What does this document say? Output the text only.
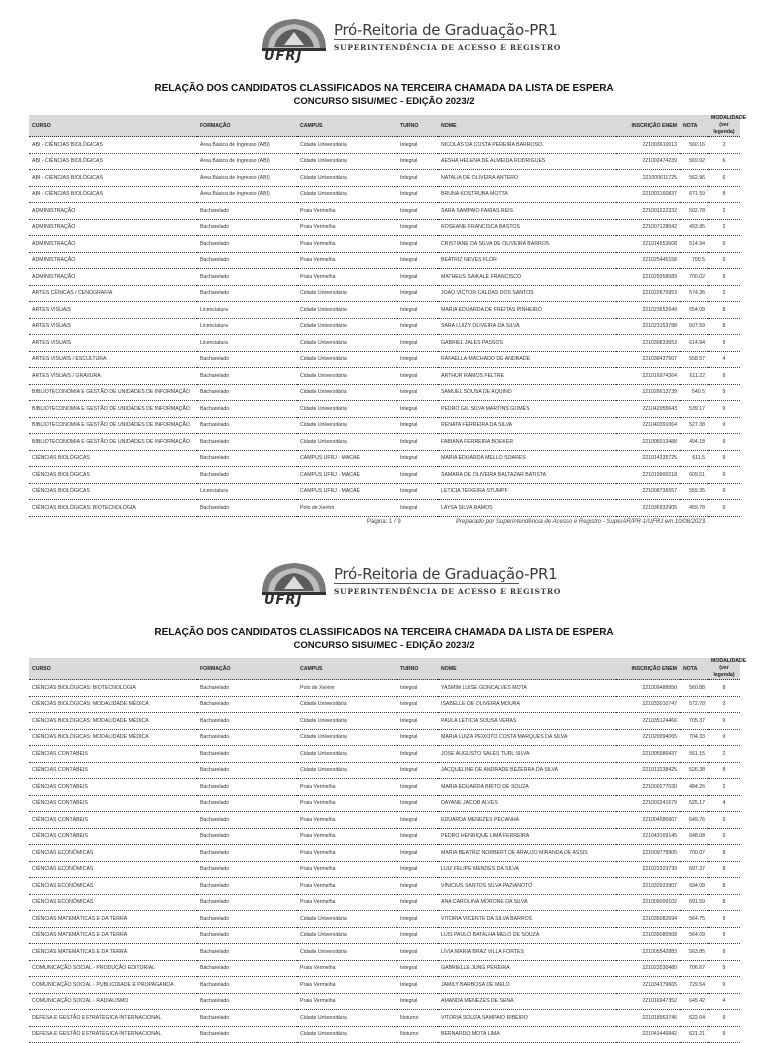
UFRJ
Pró-Reitoria de Graduação-PR1
SUPERINTENDÊNCIA DE ACESSO E REGISTRO
RELAÇÃO DOS CANDIDATOS CLASSIFICADOS NA TERCEIRA CHAMADA DA LISTA DE ESPERA
CONCURSO SISU/MEC - EDIÇÃO 2023/2
CURSO	FORMAÇÃO	CAMPUS	TURNO	NOME	INSCRIÇÃO ENEM	NOTA	MODALIDADE (ver legenda)
ABI - CIÊNCIAS BIOLÓGICAS	Área Básica de Ingresso (ABI)	Cidade Universitária	Integral	NICOLAS DA COSTA PEREIRA BARROSO	221003610013	560.16	2
ABI - CIÊNCIAS BIOLÓGICAS	Área Básica de Ingresso (ABI)	Cidade Universitária	Integral	AESHA HELENA DE ALMEIDA RODRIGUES	221002474239	569.92	6
ABI - CIÊNCIAS BIOLÓGICAS	Área Básica de Ingresso (ABI)	Cidade Universitária	Integral	NATALIA DE OLIVEIRA ANTERO	221000611725	562.96	6
ABI - CIÊNCIAS BIOLÓGICAS	Área Básica de Ingresso (ABI)	Cidade Universitária	Integral	BRUNA KOSTRUBA MOTTA	221003160837	671.59	8
ADMINISTRAÇÃO	Bacharelado	Praia Vermelha	Integral	SARA SAMPAIO FARIAS REIS	221001222332	502.78	2
ADMINISTRAÇÃO	Bacharelado	Praia Vermelha	Integral	ROSEANE FRANCISCA BASTOS	221007128042	493.95	2
ADMINISTRAÇÃO	Bacharelado	Praia Vermelha	Integral	CRISTIANE DA SILVA DE OLIVEIRA BARROS	221014553608	514.94	6
ADMINISTRAÇÃO	Bacharelado	Praia Vermelha	Integral	BEATRIZ NEVES FLOR	221025445158	700.5	9
ADMINISTRAÇÃO	Bacharelado	Praia Vermelha	Integral	MATHEUS SAIKALE FRANCISCO	221029358589	700.02	9
ARTES CÊNICAS / CENOGRAFIA	Bacharelado	Cidade Universitária	Integral	JOAO VICTOR CALDAS DOS SANTOS	221022676953	574.36	2
ARTES VISUAIS	Licenciatura	Cidade Universitária	Integral	MARIA EDUARDA DE FREITAS PINHEIRO	221023652649	554.08	8
ARTES VISUAIS	Licenciatura	Cidade Universitária	Integral	SARA LUIZY OLIVEIRA DA SILVA	221023153788	507.59	8
ARTES VISUAIS	Licenciatura	Cidade Universitária	Integral	GABRIEL JALES PASSOS	221030833653	614.94	9
ARTES VISUAIS / ESCULTURA	Bacharelado	Cidade Universitária	Integral	RAFAELLA MACHADO DE ANDRADE	221038437507	558.57	4
ARTES VISUAIS / GRAVURA	Bacharelado	Cidade Universitária	Integral	ARTHUR RAMOS FELTRE	221016974364	611.22	9
BIBLIOTECONOMIA E GESTÃO DE UNIDADES DE INFORMAÇÃO	Bacharelado	Cidade Universitária	Integral	SAMUEL SOUSA DE AQUINO	221026613739	540.5	9
BIBLIOTECONOMIA E GESTÃO DE UNIDADES DE INFORMAÇÃO	Bacharelado	Cidade Universitária	Integral	PEDRO GIL SILVA MARTINS GOMES	221042955643	539.17	9
BIBLIOTECONOMIA E GESTÃO DE UNIDADES DE INFORMAÇÃO	Bacharelado	Cidade Universitária	Integral	RENATA FERREIRA DA SILVA	221040391064	527.38	9
BIBLIOTECONOMIA E GESTÃO DE UNIDADES DE INFORMAÇÃO	Bacharelado	Cidade Universitária	Integral	FABIANA FERREIRA BOEKER	221006013488	494.18	9
CIÊNCIAS BIOLÓGICAS	Bacharelado	CAMPUS UFRJ - MACAÉ	Integral	MARIA EDUARDA MELLO SOARES	221014335725	611.5	9
CIÊNCIAS BIOLÓGICAS	Bacharelado	CAMPUS UFRJ - MACAÉ	Integral	SAMARA DE OLIVEIRA BALTAZAR BATISTA	221019900218	609.51	9
CIÊNCIAS BIOLÓGICAS	Licenciatura	CAMPUS UFRJ - MACAÉ	Integral	LETICIA TEIXEIRA STUMPF	221008736557	559.35	9
CIÊNCIAS BIOLÓGICAS: BIOTECNOLOGIA	Bacharelado	Polo de Xerém	Integral	LAYSA SILVA RAMOS	221036932905	459.78	6
Página: 1 / 9	Preparado por Superintendência de Acesso e Registro - SuperAR/PR-1/UFRJ em 10/08/2023.
UFRJ
Pró-Reitoria de Graduação-PR1
SUPERINTENDÊNCIA DE ACESSO E REGISTRO
RELAÇÃO DOS CANDIDATOS CLASSIFICADOS NA TERCEIRA CHAMADA DA LISTA DE ESPERA
CONCURSO SISU/MEC - EDIÇÃO 2023/2
CURSO	FORMAÇÃO	CAMPUS	TURNO	NOME	INSCRIÇÃO ENEM	NOTA	MODALIDADE (ver legenda)
CIÊNCIAS BIOLÓGICAS: BIOTECNOLOGIA	Bacharelado	Polo de Xerém	Integral	YASMIM LUISE GONCALVES MOTA	221009488950	560.88	8
CIÊNCIAS BIOLÓGICAS: MODALIDADE MÉDICA	Bacharelado	Cidade Universitária	Integral	ISABELLE DE OLIVEIRA MOURA	221033010747	572.78	2
CIÊNCIAS BIOLÓGICAS: MODALIDADE MÉDICA	Bacharelado	Cidade Universitária	Integral	PAULA LETICIA SOUSA VERAS	221035124466	705.37	9
CIÊNCIAS BIOLÓGICAS: MODALIDADE MÉDICA	Bacharelado	Cidade Universitária	Integral	MARIA LUIZA PEIXOTO COSTA MARQUES DA SILVA	221020094065	704.33	9
CIÊNCIAS CONTÁBEIS	Bacharelado	Cidade Universitária	Integral	JOSE AUGUSTO SALES TURL SILVA	221005986437	561.15	2
CIÊNCIAS CONTÁBEIS	Bacharelado	Cidade Universitária	Integral	JACQUELINE DE ANDRADE BEZERRA DA SILVA	221013238425	526.38	8
CIÊNCIAS CONTÁBEIS	Bacharelado	Praia Vermelha	Integral	MARIA EDUARDA BRITO DE SOUZA	221000277030	484.26	2
CIÊNCIAS CONTÁBEIS	Bacharelado	Praia Vermelha	Integral	DAYANE JACOB ALVES	221002241679	525.17	4
CIÊNCIAS CONTÁBEIS	Bacharelado	Praia Vermelha	Integral	EDUARDA MENEZES PECANHA	221004586907	649.76	9
CIÊNCIAS CONTÁBEIS	Bacharelado	Praia Vermelha	Integral	PEDRO HENRIQUE LIMA FERREIRA	221043169145	648.08	9
CIÊNCIAS ECONÔMICAS	Bacharelado	Praia Vermelha	Integral	MARIA BEATRIZ NORBERT DE ARAUJO MIRANDA DE ASSIS	221009778905	700.07	8
CIÊNCIAS ECONÔMICAS	Bacharelado	Praia Vermelha	Integral	LUIZ FELIPE MENDES DA SILVA	221022323739	697.37	8
CIÊNCIAS ECONÔMICAS	Bacharelado	Praia Vermelha	Integral	VINICIUS SANTOS SILVA PAZIANOTO	221032933907	694.08	8
CIÊNCIAS ECONÔMICAS	Bacharelado	Praia Vermelha	Integral	ANA CAROLINA MORONE DA SILVA	221009000102	691.59	8
CIÊNCIAS MATEMÁTICAS E DA TERRA	Bacharelado	Cidade Universitária	Integral	VITORIA VICENTE DA SILVA BARROS	221035082694	564.75	9
CIÊNCIAS MATEMÁTICAS E DA TERRA	Bacharelado	Cidade Universitária	Integral	LUIS PAULO BATALHA MELO DE SOUZA	221039080508	564.09	9
CIÊNCIAS MATEMÁTICAS E DA TERRA	Bacharelado	Cidade Universitária	Integral	LIVIA MARIA BRAZ VILLA FORTES	221005542883	563.85	9
COMUNICAÇÃO SOCIAL - PRODUÇÃO EDITORIAL	Bacharelado	Praia Vermelha	Integral	GABRIELLE JUNG PEREIRA	221022530480	706.67	9
COMUNICAÇÃO SOCIAL - PUBLICIDADE E PROPAGANDA	Bacharelado	Praia Vermelha	Integral	JAMILY BARBOSA DE MELO	221034179665	729.54	9
COMUNICAÇÃO SOCIAL - RADIALISMO	Bacharelado	Praia Vermelha	Integral	AMANDA MENEZES DE SENA	221016947352	645.42	4
DEFESA E GESTÃO ESTRATÉGICA INTERNACIONAL	Bacharelado	Cidade Universitária	Noturno	VITORIA SOUZA SAMPAIO RIBEIRO	221018963746	622.04	9
DEFESA E GESTÃO ESTRATÉGICA INTERNACIONAL	Bacharelado	Cidade Universitária	Noturno	BERNARDO MOTA LIMA	221041446842	621.21	9
